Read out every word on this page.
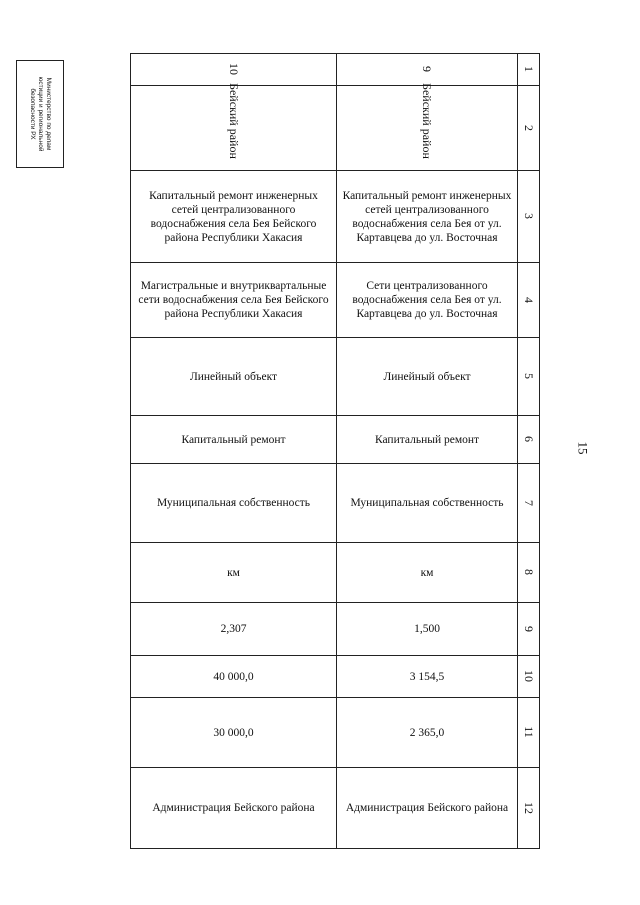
Министерство по делам
юстиции и региональной
безопасности РХ
15
10	9	1
Бейский район	Бейский район	2
Капитальный ремонт инженерных сетей централизованного водоснабжения села Бея Бейского района Республики Хакасия	Капитальный ремонт инженерных сетей централизованного водоснабжения села Бея от ул. Картавцева до ул. Восточная	3
Магистральные и внутриквартальные сети водоснабжения села Бея Бейского района Республики Хакасия	Сети централизованного водоснабжения села Бея от ул. Картавцева до ул. Восточная	4
Линейный объект	Линейный объект	5
Капитальный ремонт	Капитальный ремонт	6
Муниципальная собственность	Муниципальная собственность	7
км	км	8
2,307	1,500	9
40 000,0	3 154,5	10
30 000,0	2 365,0	11
Администрация Бейского района	Администрация Бейского района	12
